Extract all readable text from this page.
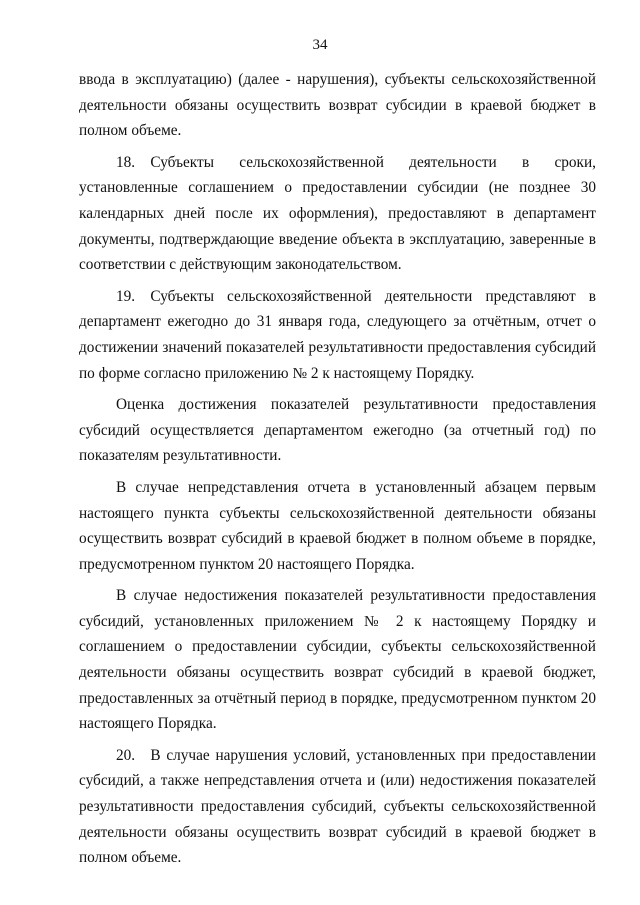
34

ввода в эксплуатацию) (далее - нарушения), субъекты сельскохозяйственной деятельности обязаны осуществить возврат субсидии в краевой бюджет в полном объеме.

18. Субъекты сельскохозяйственной деятельности в сроки, установленные соглашением о предоставлении субсидии (не позднее 30 календарных дней после их оформления), предоставляют в департамент документы, подтверждающие введение объекта в эксплуатацию, заверенные в соответствии с действующим законодательством.

19. Субъекты сельскохозяйственной деятельности представляют в департамент ежегодно до 31 января года, следующего за отчётным, отчет о достижении значений показателей результативности предоставления субсидий по форме согласно приложению № 2 к настоящему Порядку.

Оценка достижения показателей результативности предоставления субсидий осуществляется департаментом ежегодно (за отчетный год) по показателям результативности.

В случае непредставления отчета в установленный абзацем первым настоящего пункта субъекты сельскохозяйственной деятельности обязаны осуществить возврат субсидий в краевой бюджет в полном объеме в порядке, предусмотренном пунктом 20 настоящего Порядка.

В случае недостижения показателей результативности предоставления субсидий, установленных приложением № 2 к настоящему Порядку и соглашением о предоставлении субсидии, субъекты сельскохозяйственной деятельности обязаны осуществить возврат субсидий в краевой бюджет, предоставленных за отчётный период в порядке, предусмотренном пунктом 20 настоящего Порядка.

20. В случае нарушения условий, установленных при предоставлении субсидий, а также непредставления отчета и (или) недостижения показателей результативности предоставления субсидий, субъекты сельскохозяйственной деятельности обязаны осуществить возврат субсидий в краевой бюджет в полном объеме.
